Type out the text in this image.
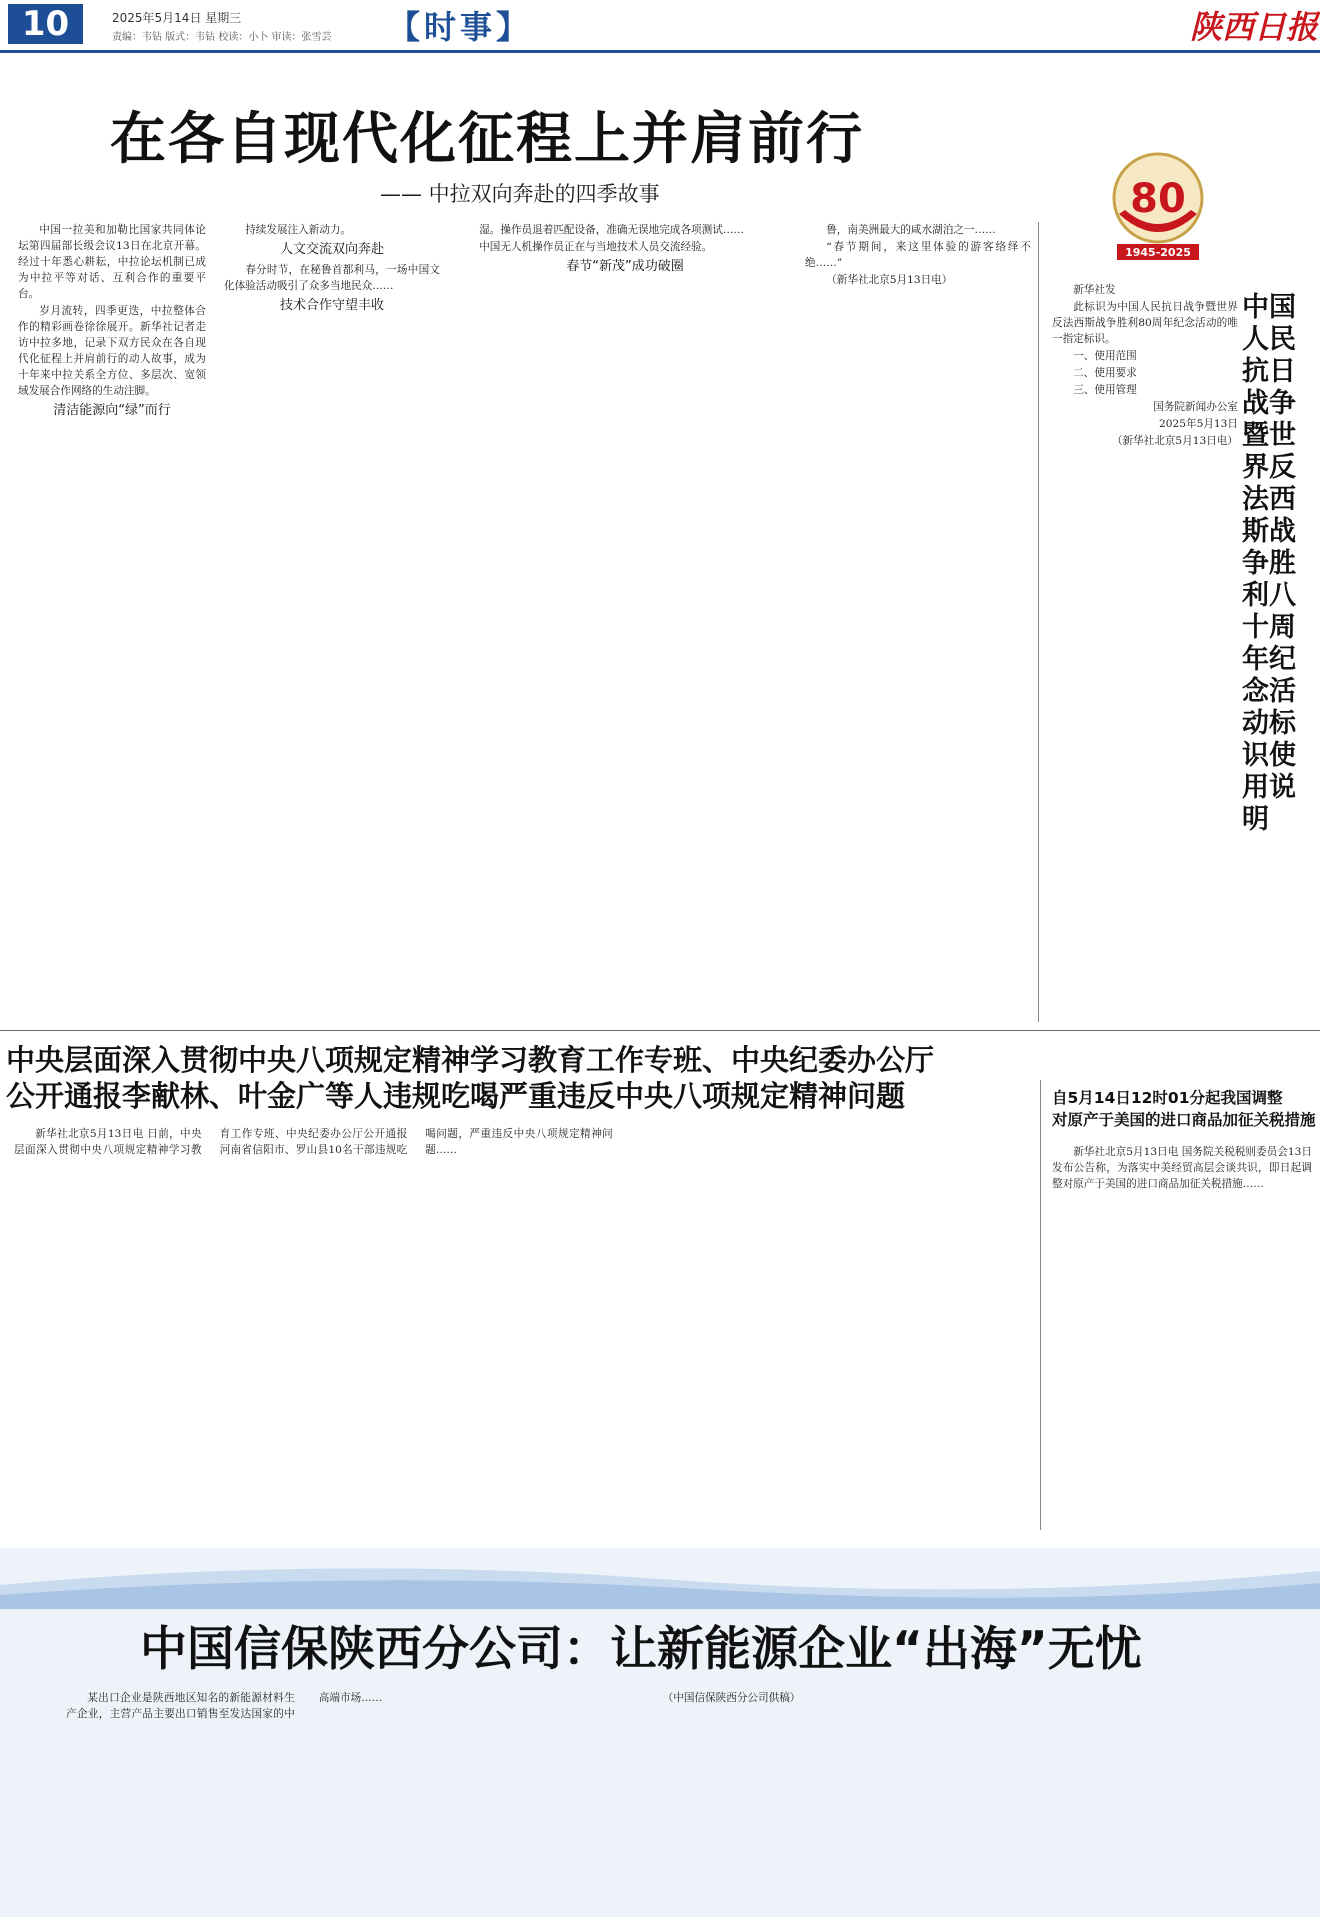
10	2025年5月14日 星期三
责编：韦钻 版式：韦钻 校读：小卜 审读：张雪芸 【时事】	陕西日报
在各自现代化征程上并肩前行
—— 中拉双向奔赴的四季故事	80
1945-2025

中国一拉美和加勒比国家共同体论坛第四届部长级会议13日在北京开幕。经过十年悉心耕耘，中拉论坛机制已成为中拉平等对话、互利合作的重要平台。

岁月流转，四季更迭，中拉整体合作的精彩画卷徐徐展开。新华社记者走访中拉多地，记录下双方民众在各自现代化征程上并肩前行的动人故事，成为十年来中拉关系全方位、多层次、宽领域发展合作网络的生动注脚。

清洁能源向“绿”而行

持续发展注入新动力。

人文交流双向奔赴

春分时节，在秘鲁首都利马，一场中国文化体验活动吸引了众多当地民众……

技术合作守望丰收

湿。操作员退着匹配设备，准确无误地完成各项测试……

中国无人机操作员正在与当地技术人员交流经验。

春节“新茂”成功破圈

鲁，南美洲最大的咸水湖泊之一……

“春节期间，来这里体验的游客络绎不绝……”

（新华社北京5月13日电）

中国人民抗日战争暨世界反法西斯战争胜利八十周年纪念活动标识使用说明

新华社发

此标识为中国人民抗日战争暨世界反法西斯战争胜利80周年纪念活动的唯一指定标识。

一、使用范围

二、使用要求

三、使用管理

国务院新闻办公室

2025年5月13日

（新华社北京5月13日电）

中央层面深入贯彻中央八项规定精神学习教育工作专班、中央纪委办公厅
公开通报李献林、叶金广等人违规吃喝严重违反中央八项规定精神问题

新华社北京5月13日电 日前，中央层面深入贯彻中央八项规定精神学习教育工作专班、中央纪委办公厅公开通报河南省信阳市、罗山县10名干部违规吃喝问题，严重违反中央八项规定精神问题……

自5月14日12时01分起我国调整
对原产于美国的进口商品加征关税措施

新华社北京5月13日电 国务院关税税则委员会13日发布公告称，为落实中美经贸高层会谈共识，即日起调整对原产于美国的进口商品加征关税措施……

中国信保陕西分公司：让新能源企业“出海”无忧

某出口企业是陕西地区知名的新能源材料生产企业，主营产品主要出口销售至发达国家的中高端市场……	（中国信保陕西分公司供稿）
